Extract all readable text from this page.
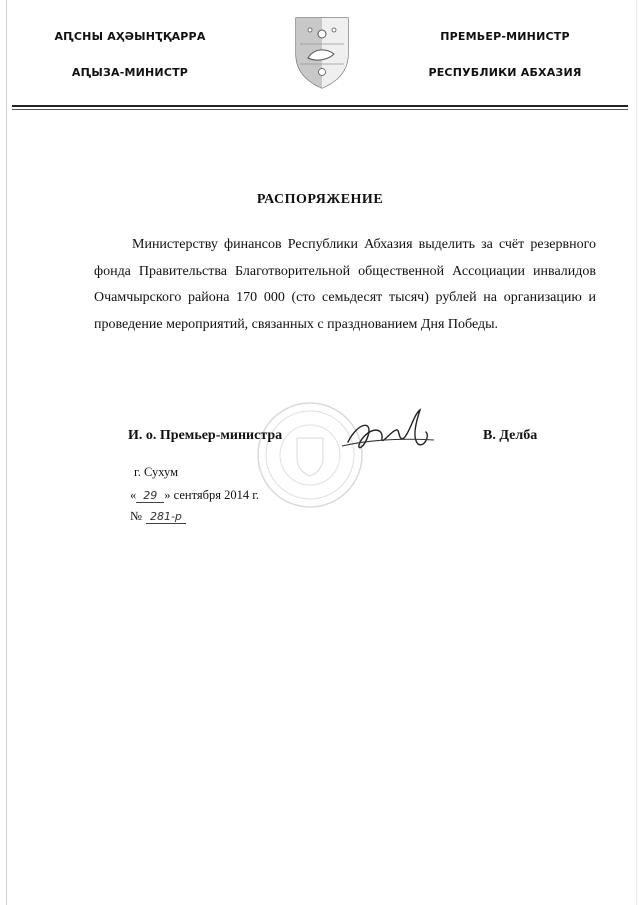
АԤСНЫ АҲӘЫНҬҚАРРА
АԤЫЗА-МИНИСТР
ПРЕМЬЕР-МИНИСТР
РЕСПУБЛИКИ АБХАЗИЯ
РАСПОРЯЖЕНИЕ

Министерству финансов Республики Абхазия выделить за счёт резервного фонда Правительства Благотворительной общественной Ассоциации инвалидов Очамчырского района 170 000 (сто семьдесят тысяч) рублей на организацию и проведение мероприятий, связанных с празднованием Дня Победы.

И. о. Премьер-министра	В. Делба
г. Сухум
« 29 » сентября 2014 г.
№ 281-р
